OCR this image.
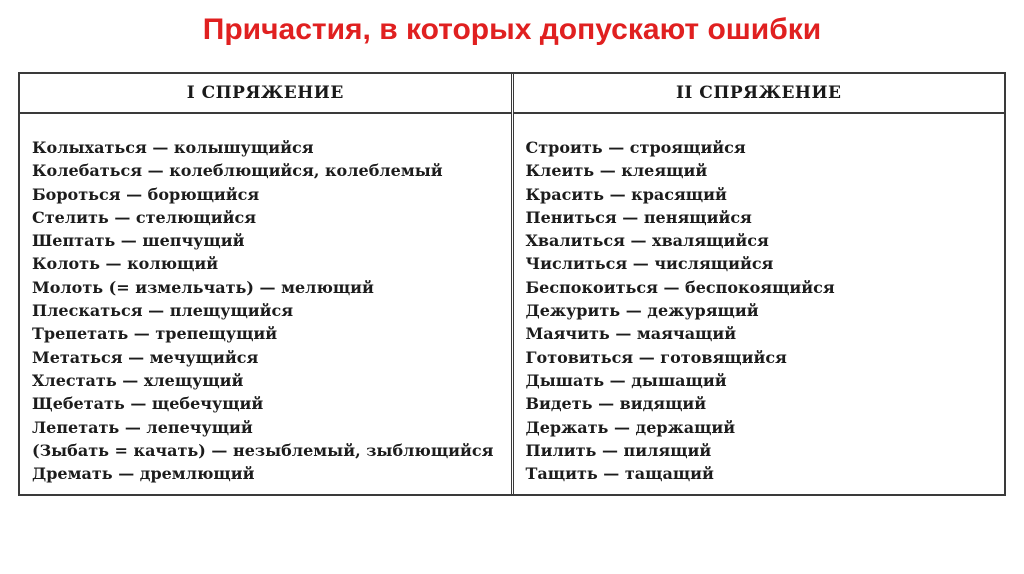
Причастия, в которых допускают ошибки
I СПРЯЖЕНИЕ
Колыхаться — колышущийся
Колебаться — колеблющийся, колеблемый
Бороться — борющийся
Стелить — стелющийся
Шептать — шепчущий
Колоть — колющий
Молоть (= измельчать) — мелющий
Плескаться — плещущийся
Трепетать — трепещущий
Метаться — мечущийся
Хлестать — хлещущий
Щебетать — щебечущий
Лепетать — лепечущий
(Зыбать = качать) — незыблемый, зыблющийся
Дремать — дремлющий
II СПРЯЖЕНИЕ
Строить — строящийся
Клеить — клеящий
Красить — красящий
Пениться — пенящийся
Хвалиться — хвалящийся
Числиться — числящийся
Беспокоиться — беспокоящийся
Дежурить — дежурящий
Маячить — маячащий
Готовиться — готовящийся
Дышать — дышащий
Видеть — видящий
Держать — держащий
Пилить — пилящий
Тащить — тащащий
